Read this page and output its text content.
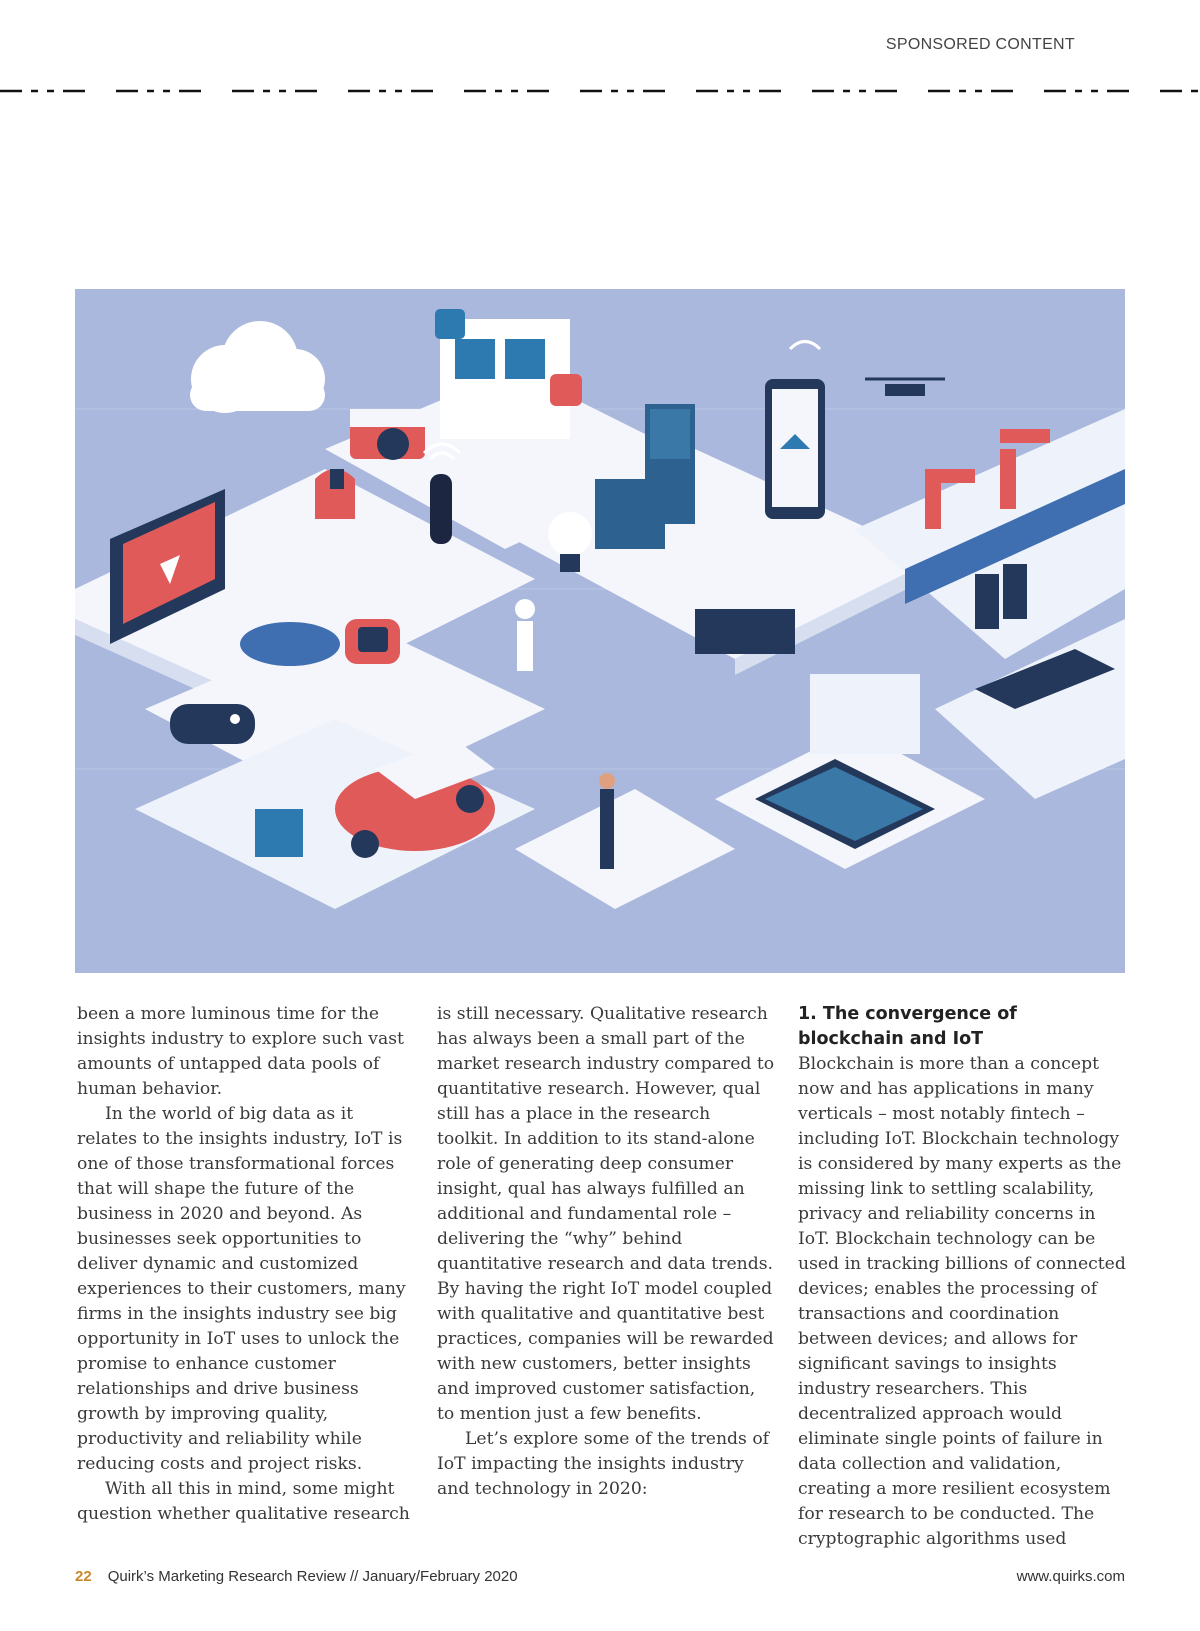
SPONSORED CONTENT

been a more luminous time for the insights industry to explore such vast amounts of untapped data pools of human behavior.

In the world of big data as it relates to the insights industry, IoT is one of those transformational forces that will shape the future of the business in 2020 and beyond. As businesses seek opportunities to deliver dynamic and customized experiences to their customers, many firms in the insights industry see big opportunity in IoT uses to unlock the promise to enhance customer relationships and drive business growth by improving quality, productivity and reliability while reducing costs and project risks.

With all this in mind, some might question whether qualitative research

is still necessary. Qualitative research has always been a small part of the market research industry compared to quantitative research. However, qual still has a place in the research toolkit. In addition to its stand-alone role of generating deep consumer insight, qual has always fulfilled an additional and fundamental role – delivering the “why” behind quantitative research and data trends. By having the right IoT model coupled with qualitative and quantitative best practices, companies will be rewarded with new customers, better insights and improved customer satisfaction, to mention just a few benefits.

Let’s explore some of the trends of IoT impacting the insights industry and technology in 2020:

1. The convergence of blockchain and IoT

Blockchain is more than a concept now and has applications in many verticals – most notably fintech – including IoT. Blockchain technology is considered by many experts as the missing link to settling scalability, privacy and reliability concerns in IoT. Blockchain technology can be used in tracking billions of connected devices; enables the processing of transactions and coordination between devices; and allows for significant savings to insights industry researchers. This decentralized approach would eliminate single points of failure in data collection and validation, creating a more resilient ecosystem for research to be conducted. The cryptographic algorithms used

22 Quirk’s Marketing Research Review // January/February 2020	www.quirks.com
